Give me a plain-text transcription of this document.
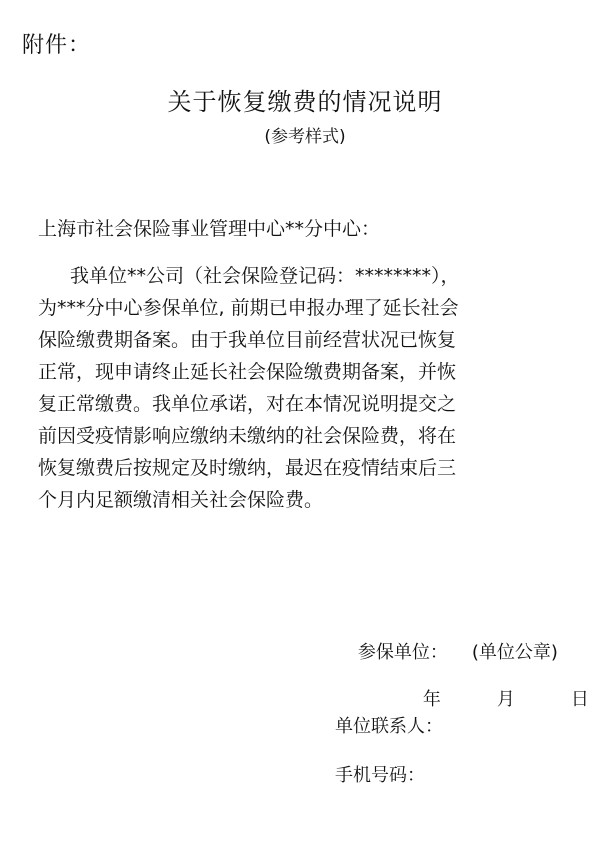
附件：
关于恢复缴费的情况说明
(参考样式)
上海市社会保险事业管理中心**分中心：
我单位**公司（社会保险登记码：********），
为***分中心参保单位, 前期已申报办理了延长社会
保险缴费期备案。由于我单位目前经营状况已恢复
正常，现申请终止延长社会保险缴费期备案，并恢
复正常缴费。我单位承诺，对在本情况说明提交之
前因受疫情影响应缴纳未缴纳的社会保险费，将在
恢复缴费后按规定及时缴纳，最迟在疫情结束后三
个月内足额缴清相关社会保险费。

参保单位： (单位公章)

年	月	日

单位联系人：
手机号码：
